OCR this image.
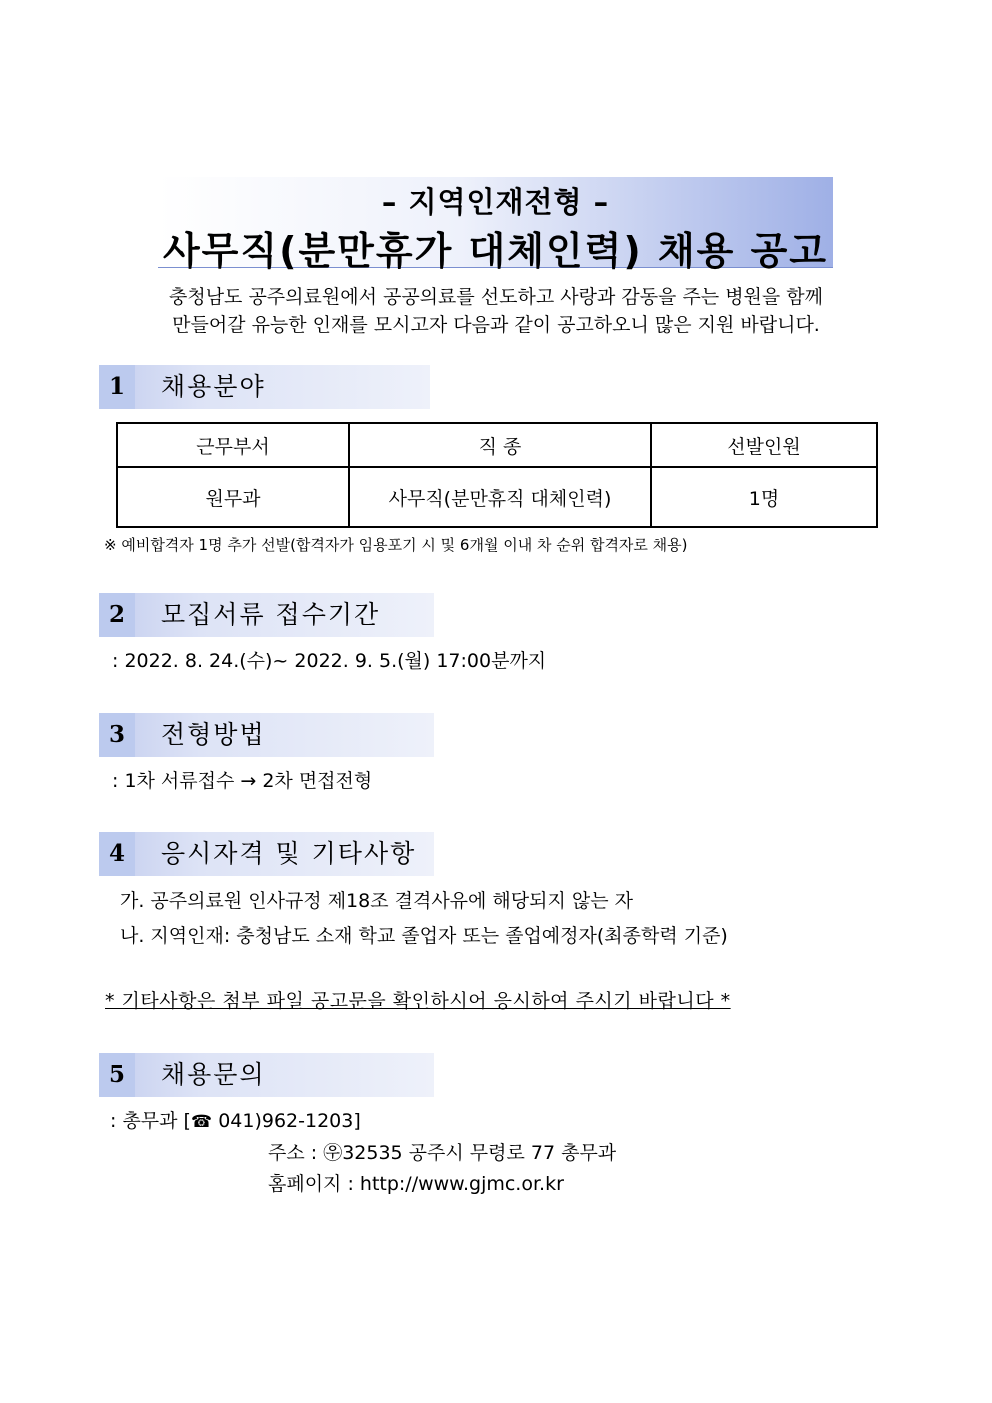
– 지역인재전형 –
사무직(분만휴가 대체인력) 채용 공고
충청남도 공주의료원에서 공공의료를 선도하고 사랑과 감동을 주는 병원을 함께
만들어갈 유능한 인재를 모시고자 다음과 같이 공고하오니 많은 지원 바랍니다.
1	채용분야
근무부서	직 종	선발인원
원무과	사무직(분만휴직 대체인력)	1명
※ 예비합격자 1명 추가 선발(합격자가 임용포기 시 및 6개월 이내 차 순위 합격자로 채용)
2	모집서류 접수기간
: 2022. 8. 24.(수)~ 2022. 9. 5.(월) 17:00분까지
3	전형방법
: 1차 서류접수 → 2차 면접전형
4	응시자격 및 기타사항
가. 공주의료원 인사규정 제18조 결격사유에 해당되지 않는 자
나. 지역인재: 충청남도 소재 학교 졸업자 또는 졸업예정자(최종학력 기준)
* 기타사항은 첨부 파일 공고문을 확인하시어 응시하여 주시기 바랍니다 *
5	채용문의
: 총무과 [☎ 041)962-1203]
주소 : ㉾32535 공주시 무령로 77 총무과
홈페이지 : http://www.gjmc.or.kr
